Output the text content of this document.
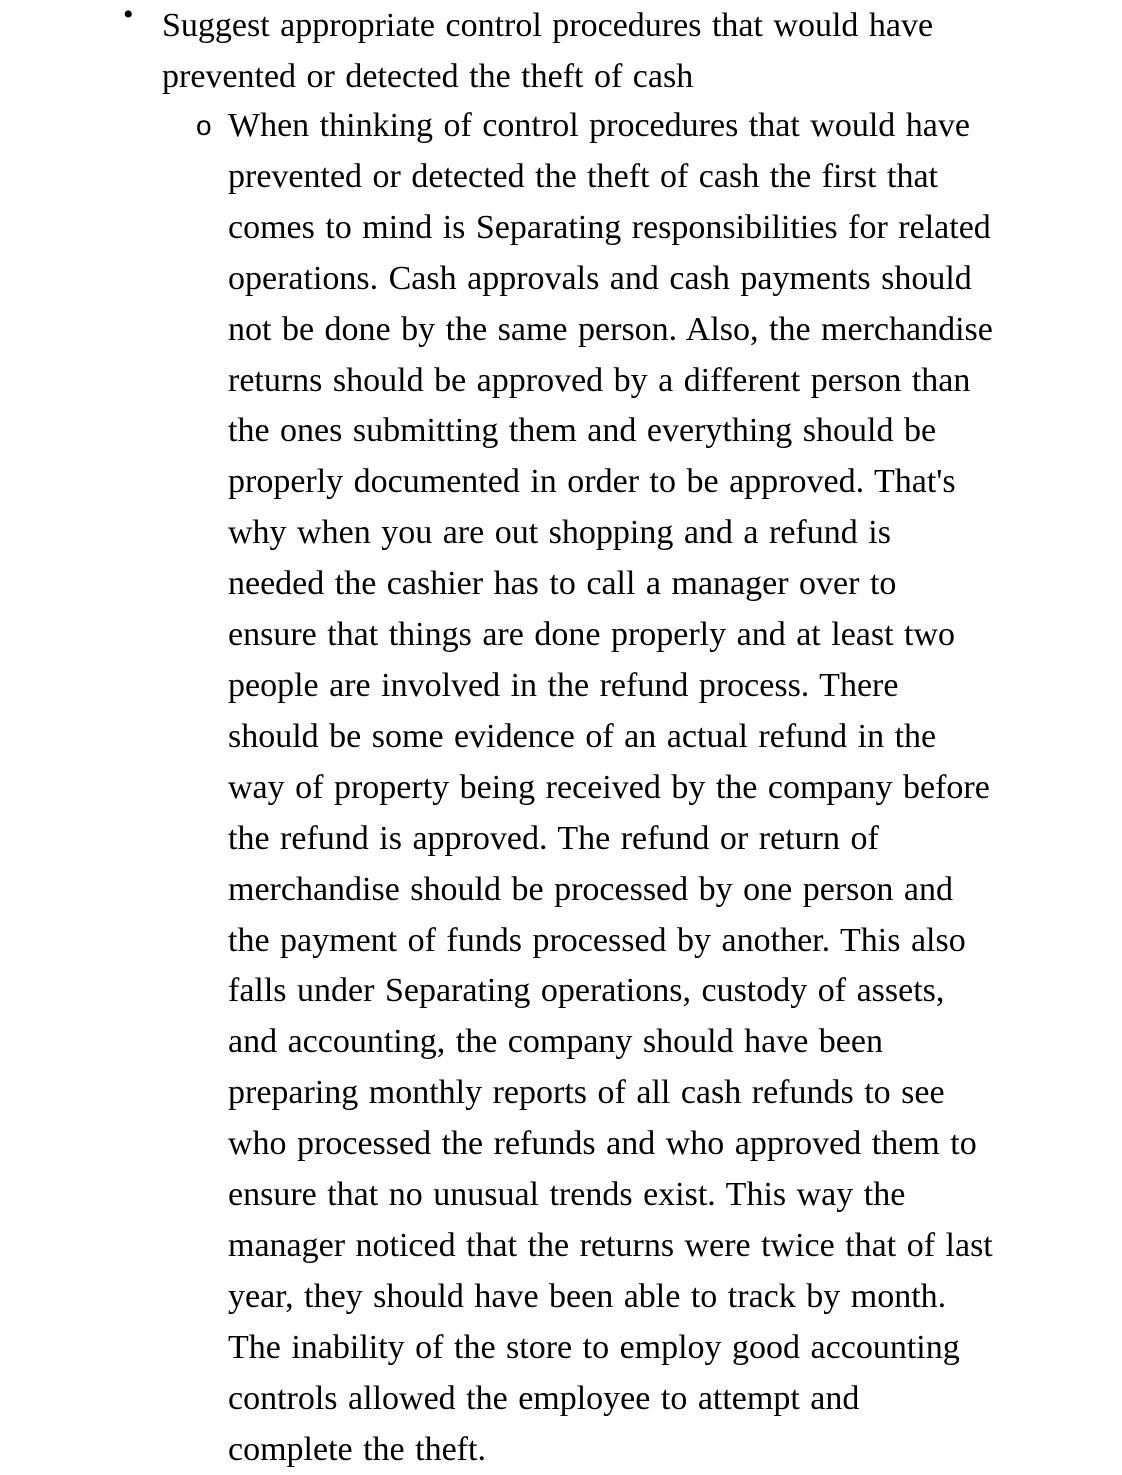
• Suggest appropriate control procedures that would have prevented or detected the theft of cash

o When thinking of control procedures that would have prevented or detected the theft of cash the first that comes to mind is Separating responsibilities for related operations. Cash approvals and cash payments should not be done by the same person. Also, the merchandise returns should be approved by a different person than the ones submitting them and everything should be properly documented in order to be approved. That's why when you are out shopping and a refund is needed the cashier has to call a manager over to ensure that things are done properly and at least two people are involved in the refund process. There should be some evidence of an actual refund in the way of property being received by the company before the refund is approved. The refund or return of merchandise should be processed by one person and the payment of funds processed by another. This also falls under Separating operations, custody of assets, and accounting, the company should have been preparing monthly reports of all cash refunds to see who processed the refunds and who approved them to ensure that no unusual trends exist. This way the manager noticed that the returns were twice that of last year, they should have been able to track by month. The inability of the store to employ good accounting controls allowed the employee to attempt and complete the theft.
